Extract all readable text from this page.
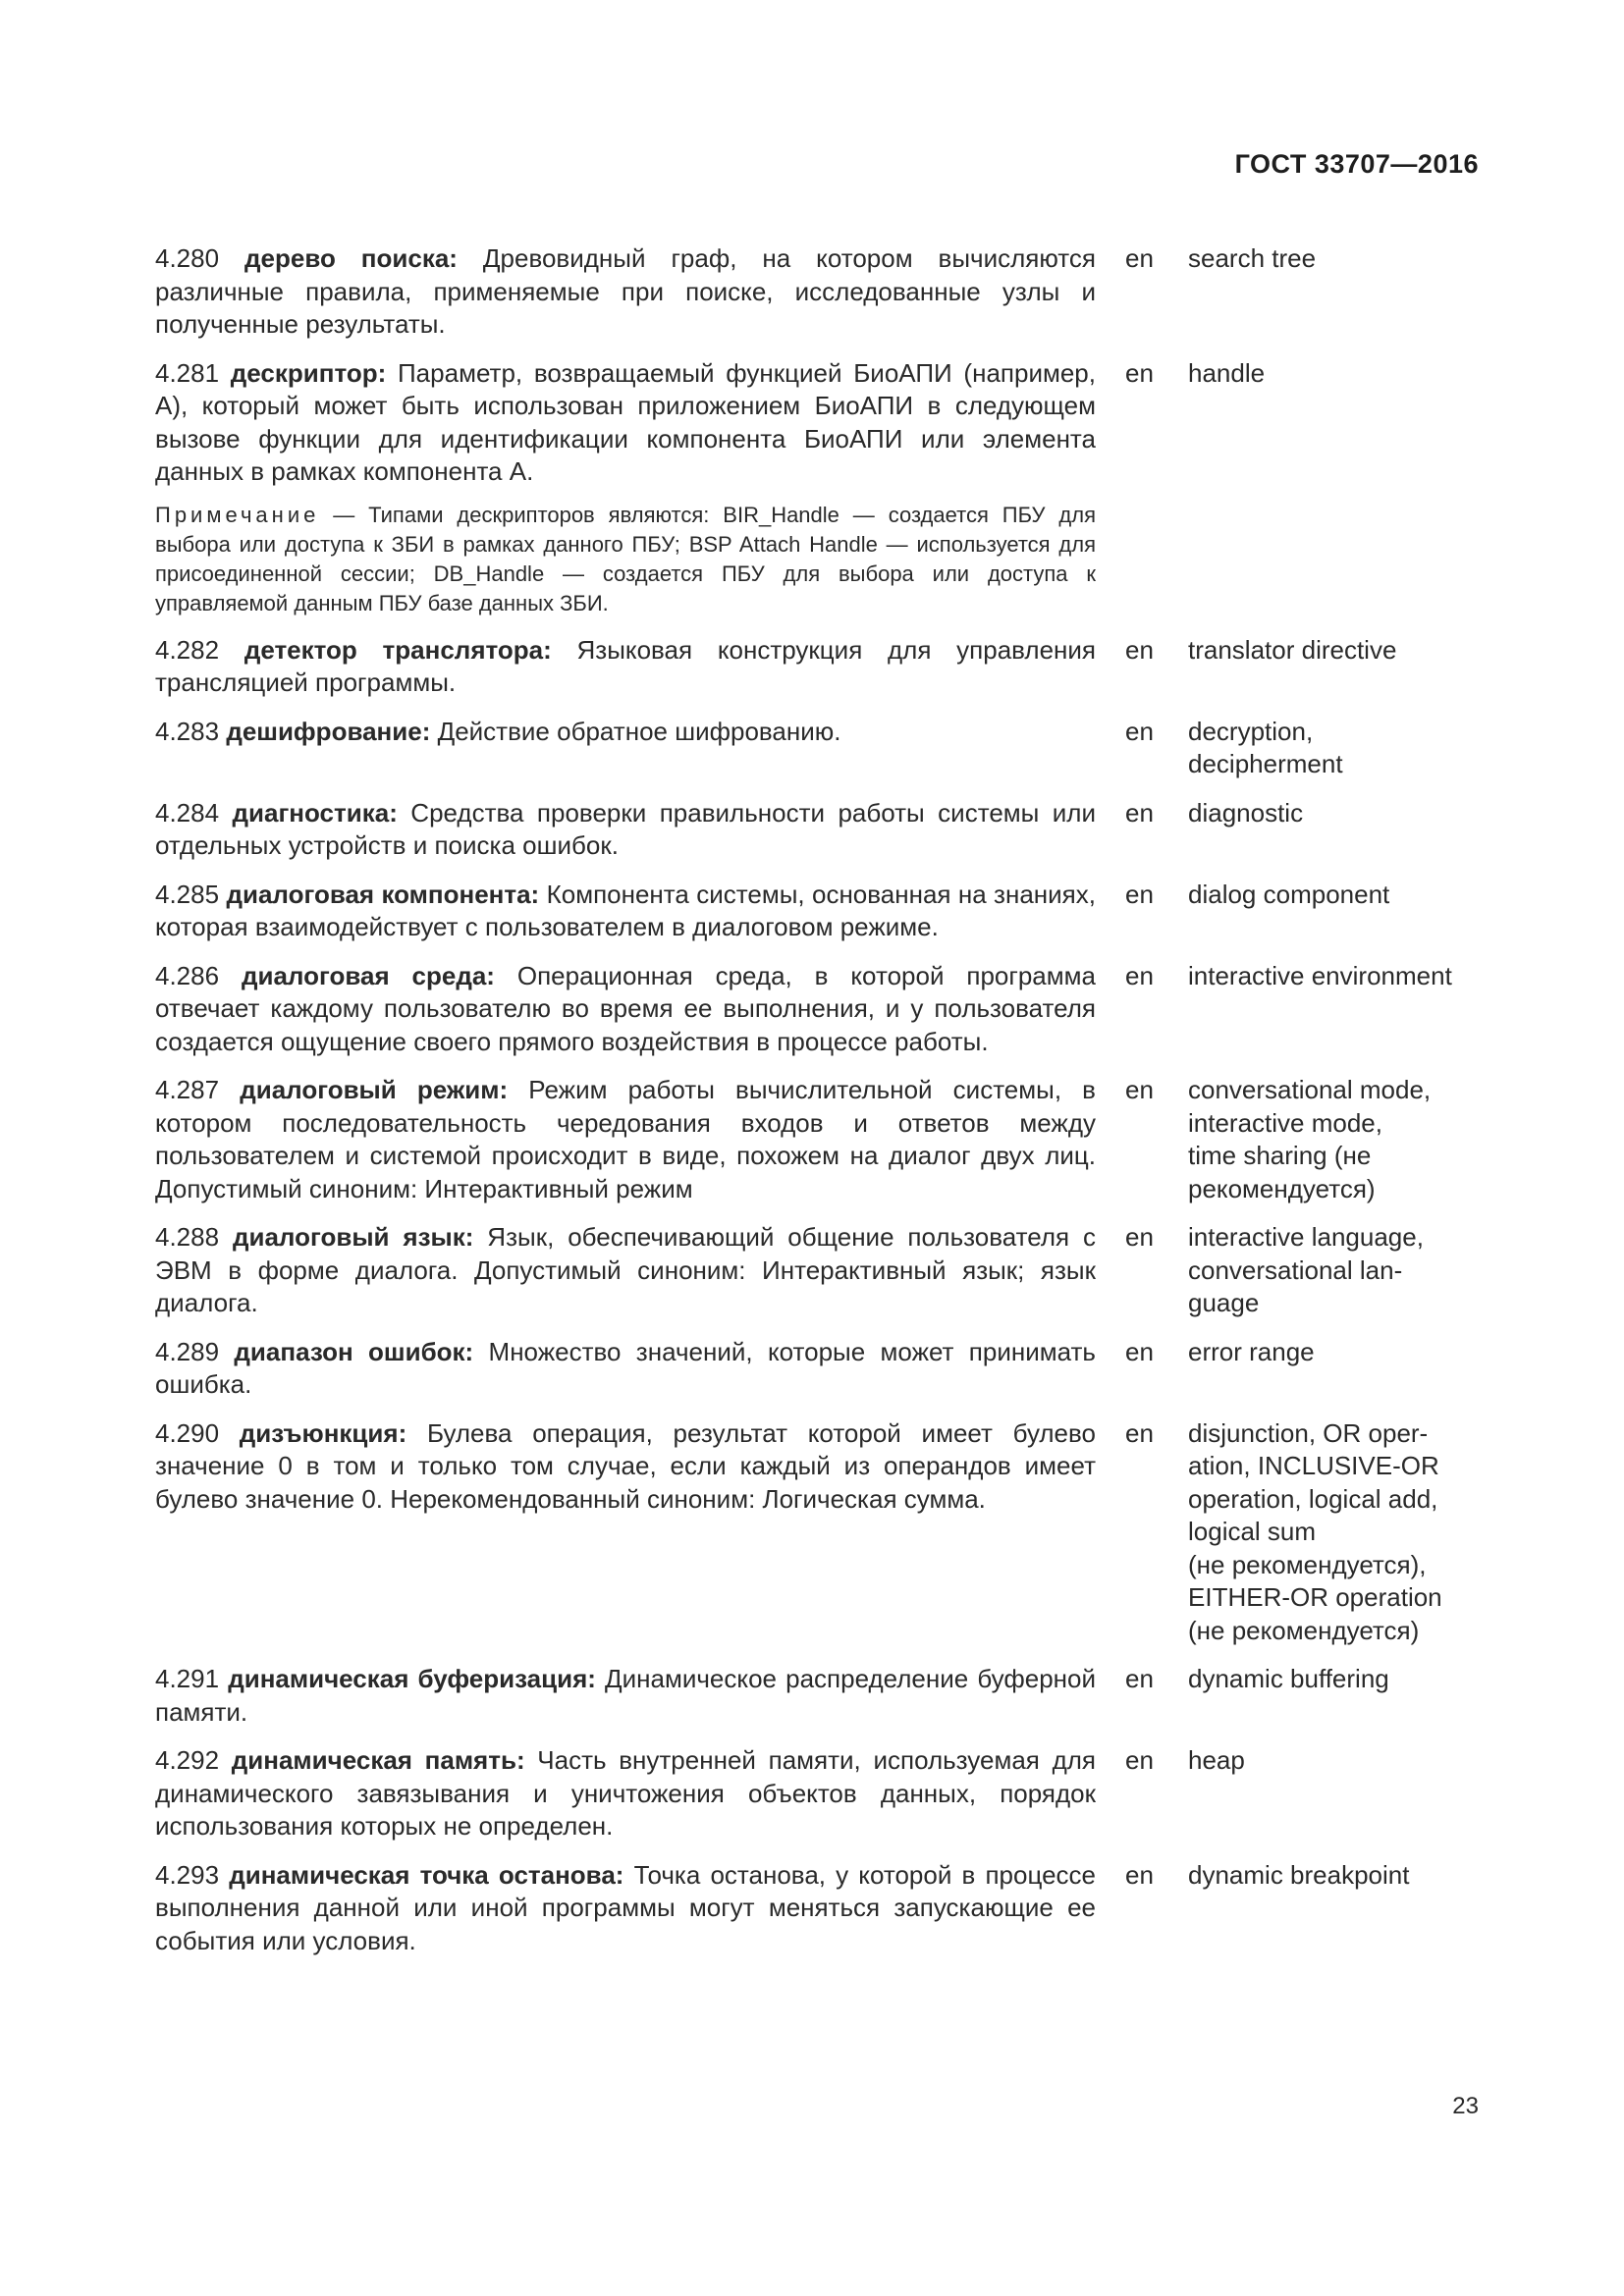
ГОСТ 33707—2016

4.280 дерево поиска: Древовидный граф, на котором вычисляются различные правила, применяемые при поиске, исследованные узлы и полученные результаты.

en	search tree

4.281 дескриптор: Параметр, возвращаемый функцией БиоАПИ (например, А), который может быть использован приложением БиоАПИ в следующем вызове функции для идентификации компонента БиоАПИ или элемента данных в рамках компонента А.

Примечание — Типами дескрипторов являются: BIR_Handle — создается ПБУ для выбора или доступа к ЗБИ в рамках данного ПБУ; BSP Attach Handle — используется для присоединенной сессии; DB_Handle — создается ПБУ для выбора или доступа к управляемой данным ПБУ базе данных ЗБИ.

en	handle

4.282 детектор транслятора: Языковая конструкция для управления трансляцией программы.

en	translator directive

4.283 дешифрование: Действие обратное шифрованию.	en	decryption,
decipherment

4.284 диагностика: Средства проверки правильности работы системы или отдельных устройств и поиска ошибок.

en	diagnostic

4.285 диалоговая компонента: Компонента системы, основанная на знаниях, которая взаимодействует с пользователем в диалоговом режиме.

en	dialog component

4.286 диалоговая среда: Операционная среда, в которой программа отвечает каждому пользователю во время ее выполнения, и у пользователя создается ощущение своего прямого воздействия в процессе работы.

en	interactive environment

4.287 диалоговый режим: Режим работы вычислительной системы, в котором последовательность чередования входов и ответов между пользователем и системой происходит в виде, похожем на диалог двух лиц. Допустимый синоним: Интерактивный режим

en	conversational mode,
interactive mode,
time sharing (не
рекомендуется)

4.288 диалоговый язык: Язык, обеспечивающий общение пользователя с ЭВМ в форме диалога. Допустимый синоним: Интерактивный язык; язык диалога.

en	interactive language,
conversational lan-
guage

4.289 диапазон ошибок: Множество значений, которые может принимать ошибка.

en	error range

4.290 дизъюнкция: Булева операция, результат которой имеет булево значение 0 в том и только том случае, если каждый из операндов имеет булево значение 0. Нерекомендованный синоним: Логическая сумма.

en	disjunction, OR oper-
ation, INCLUSIVE-OR
operation, logical add,
logical sum
(не рекомендуется),
EITHER-OR operation
(не рекомендуется)

4.291 динамическая буферизация: Динамическое распределение буферной памяти.

en	dynamic buffering

4.292 динамическая память: Часть внутренней памяти, используемая для динамического завязывания и уничтожения объектов данных, порядок использования которых не определен.

en	heap

4.293 динамическая точка останова: Точка останова, у которой в процессе выполнения данной или иной программы могут меняться запускающие ее события или условия.

en	dynamic breakpoint
23
